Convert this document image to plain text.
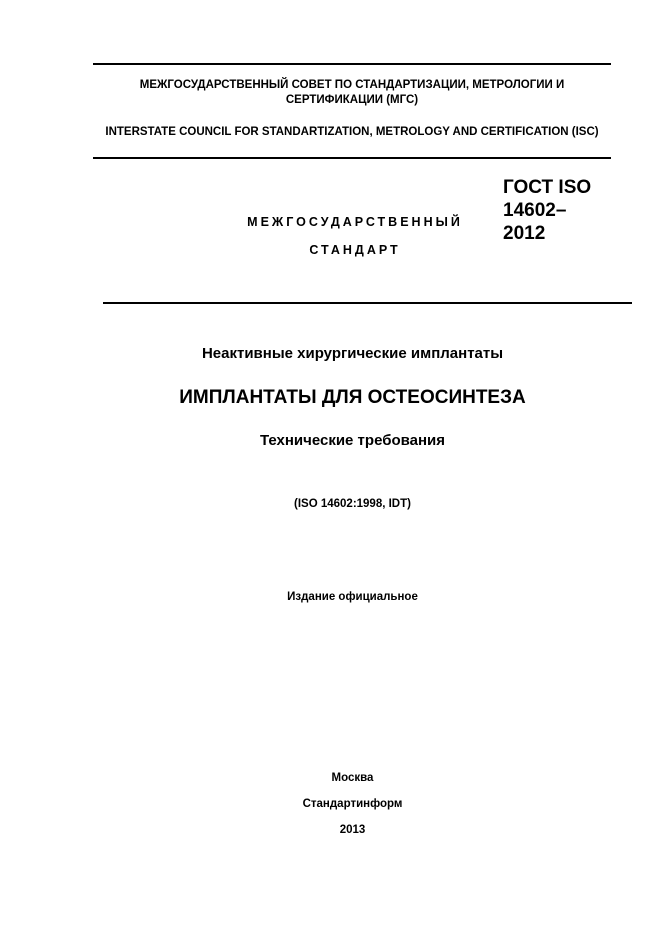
МЕЖГОСУДАРСТВЕННЫЙ СОВЕТ ПО СТАНДАРТИЗАЦИИ, МЕТРОЛОГИИ И СЕРТИФИКАЦИИ (МГС)
INTERSTATE COUNCIL FOR STANDARTIZATION, METROLOGY AND CERTIFICATION (ISC)
МЕЖГОСУДАРСТВЕННЫЙ
СТАНДАРТ
ГОСТ ISO
14602–
2012
Неактивные хирургические имплантаты
ИМПЛАНТАТЫ ДЛЯ ОСТЕОСИНТЕЗА
Технические требования
(ISO 14602:1998, IDT)
Издание официальное
Москва
Стандартинформ
2013
